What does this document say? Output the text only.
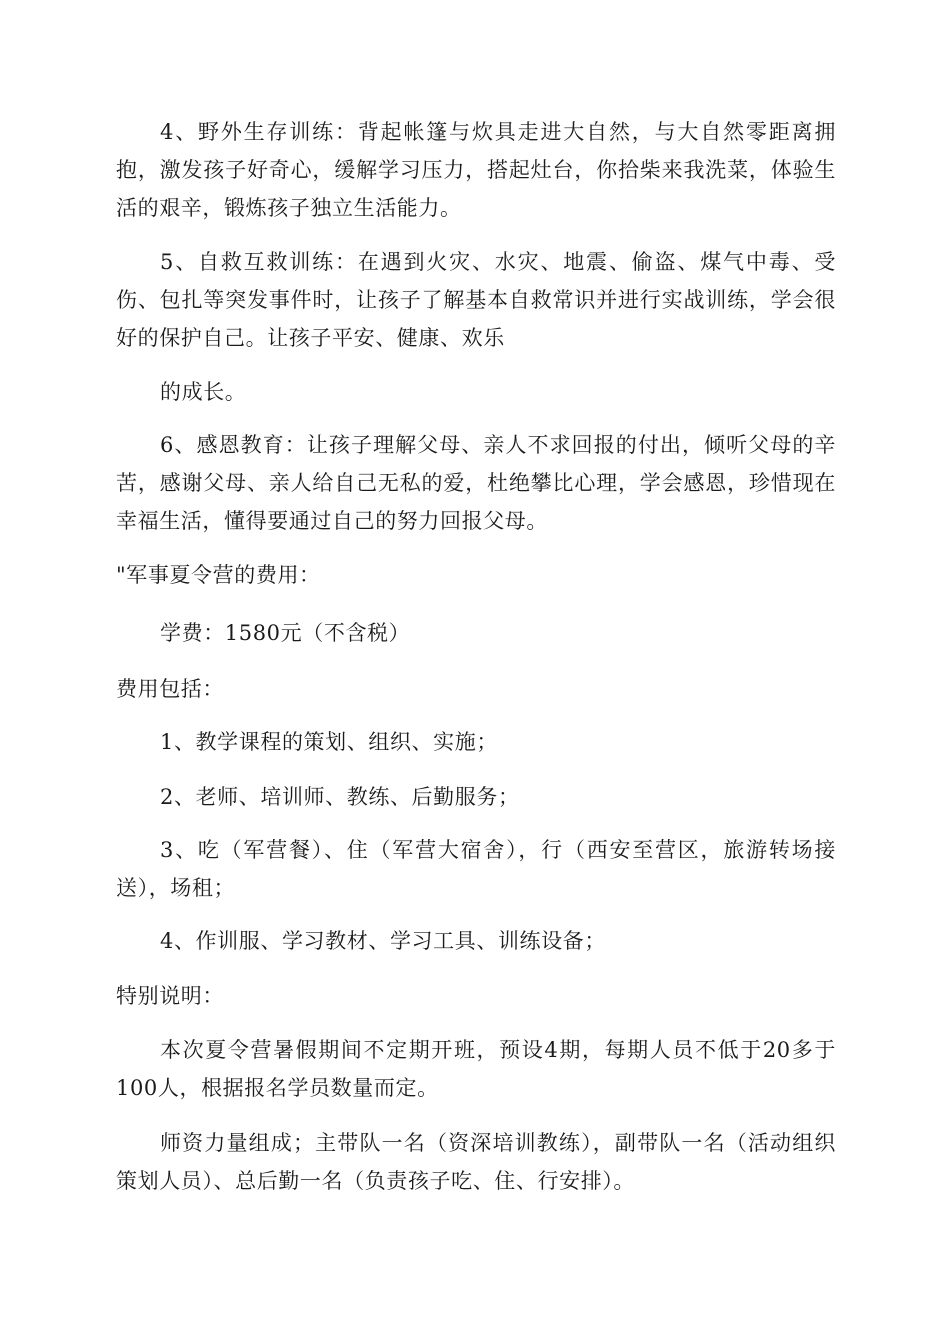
4、野外生存训练：背起帐篷与炊具走进大自然，与大自然零距离拥抱，激发孩子好奇心，缓解学习压力，搭起灶台，你拾柴来我洗菜，体验生活的艰辛，锻炼孩子独立生活能力。

5、自救互救训练：在遇到火灾、水灾、地震、偷盗、煤气中毒、受伤、包扎等突发事件时，让孩子了解基本自救常识并进行实战训练，学会很好的保护自己。让孩子平安、健康、欢乐

的成长。

6、感恩教育：让孩子理解父母、亲人不求回报的付出，倾听父母的辛苦，感谢父母、亲人给自己无私的爱，杜绝攀比心理，学会感恩，珍惜现在幸福生活，懂得要通过自己的努力回报父母。

"军事夏令营的费用：

学费：1580元（不含税）

费用包括：

1、教学课程的策划、组织、实施；

2、老师、培训师、教练、后勤服务；

3、吃（军营餐）、住（军营大宿舍），行（西安至营区，旅游转场接送），场租；

4、作训服、学习教材、学习工具、训练设备；

特别说明：

本次夏令营暑假期间不定期开班，预设4期，每期人员不低于20多于100人，根据报名学员数量而定。

师资力量组成；主带队一名（资深培训教练），副带队一名（活动组织策划人员）、总后勤一名（负责孩子吃、住、行安排）。
